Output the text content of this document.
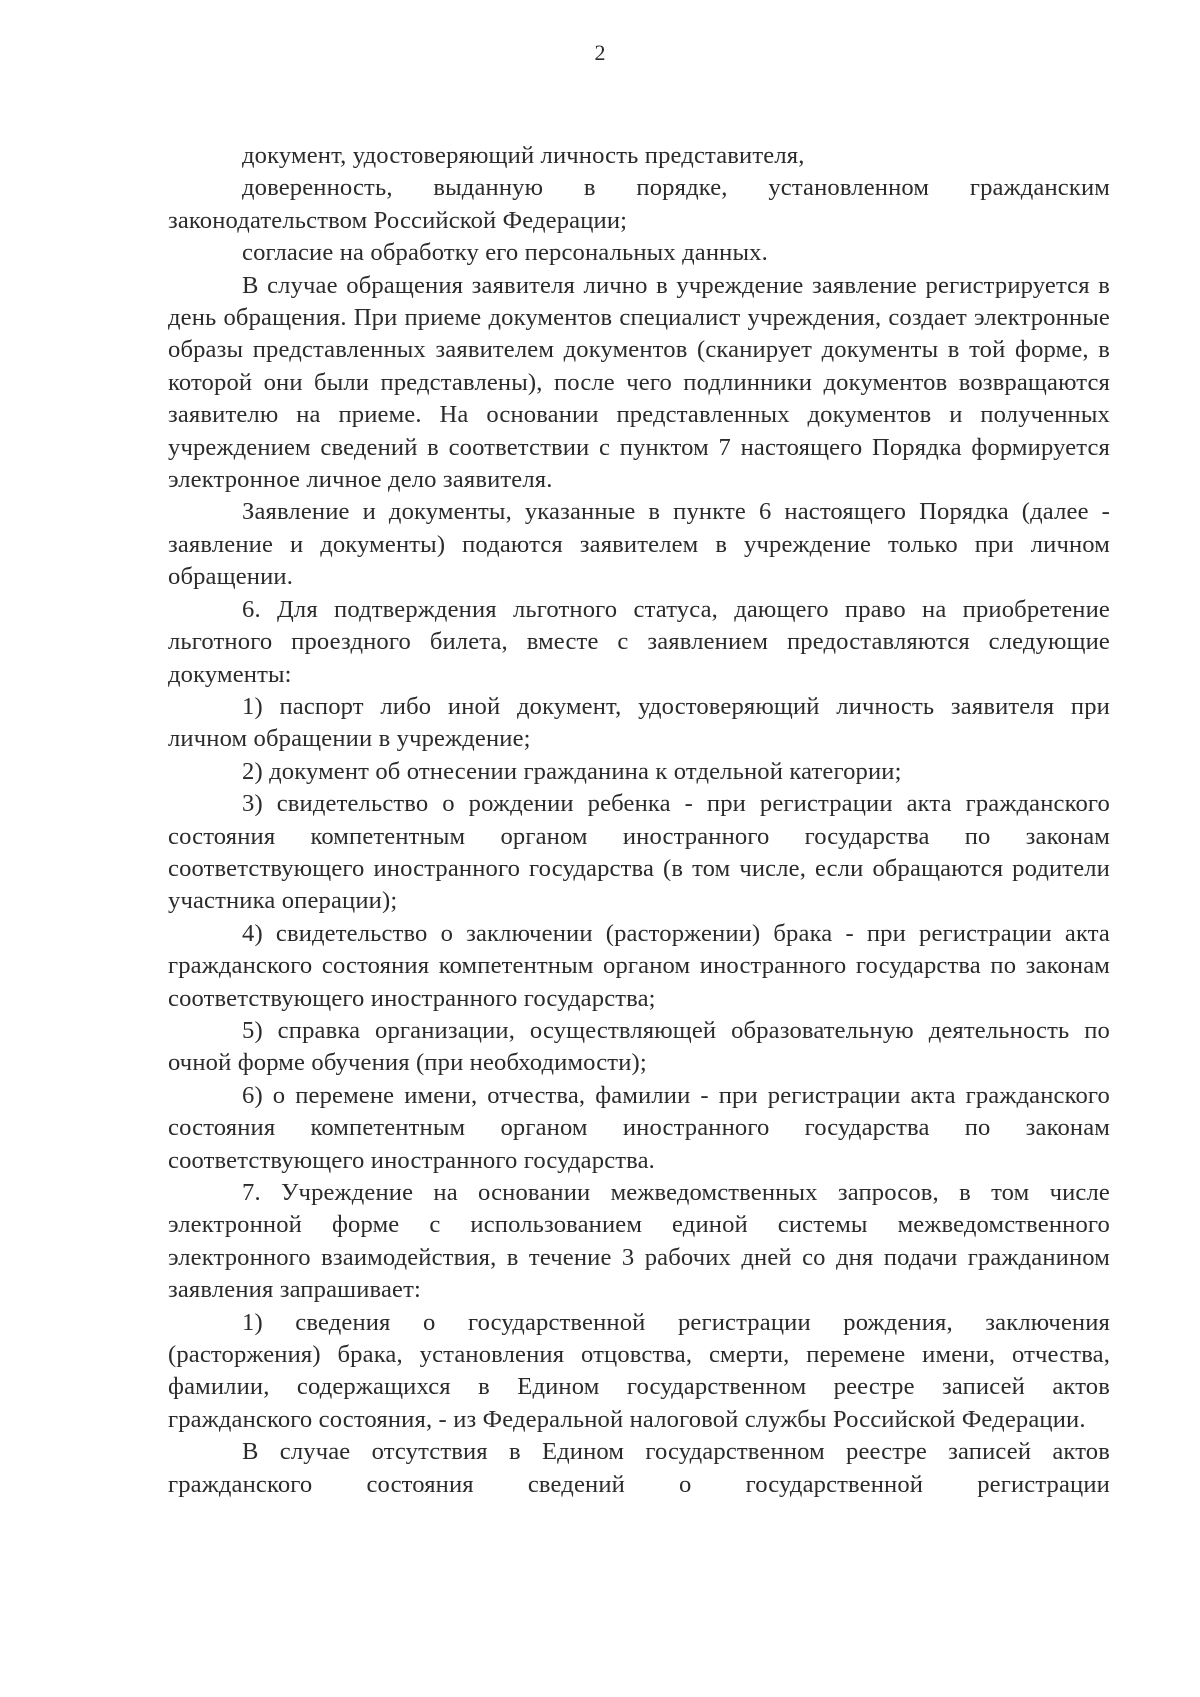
2

документ, удостоверяющий личность представителя,

доверенность, выданную в порядке, установленном гражданским законодательством Российской Федерации;

согласие на обработку его персональных данных.

В случае обращения заявителя лично в учреждение заявление регистрируется в день обращения. При приеме документов специалист учреждения, создает электронные образы представленных заявителем документов (сканирует документы в той форме, в которой они были представлены), после чего подлинники документов возвращаются заявителю на приеме. На основании представленных документов и полученных учреждением сведений в соответствии с пунктом 7 настоящего Порядка формируется электронное личное дело заявителя.

Заявление и документы, указанные в пункте 6 настоящего Порядка (далее - заявление и документы) подаются заявителем в учреждение только при личном обращении.

6. Для подтверждения льготного статуса, дающего право на приобретение льготного проездного билета, вместе с заявлением предоставляются следующие документы:

1) паспорт либо иной документ, удостоверяющий личность заявителя при личном обращении в учреждение;

2) документ об отнесении гражданина к отдельной категории;

3) свидетельство о рождении ребенка - при регистрации акта гражданского состояния компетентным органом иностранного государства по законам соответствующего иностранного государства (в том числе, если обращаются родители участника операции);

4) свидетельство о заключении (расторжении) брака - при регистрации акта гражданского состояния компетентным органом иностранного государства по законам соответствующего иностранного государства;

5) справка организации, осуществляющей образовательную деятельность по очной форме обучения (при необходимости);

6) о перемене имени, отчества, фамилии - при регистрации акта гражданского состояния компетентным органом иностранного государства по законам соответствующего иностранного государства.

7. Учреждение на основании межведомственных запросов, в том числе электронной форме с использованием единой системы межведомственного электронного взаимодействия, в течение 3 рабочих дней со дня подачи гражданином заявления запрашивает:

1) сведения о государственной регистрации рождения, заключения (расторжения) брака, установления отцовства, смерти, перемене имени, отчества, фамилии, содержащихся в Едином государственном реестре записей актов гражданского состояния, - из Федеральной налоговой службы Российской Федерации.

В случае отсутствия в Едином государственном реестре записей актов гражданского состояния сведений о государственной регистрации
